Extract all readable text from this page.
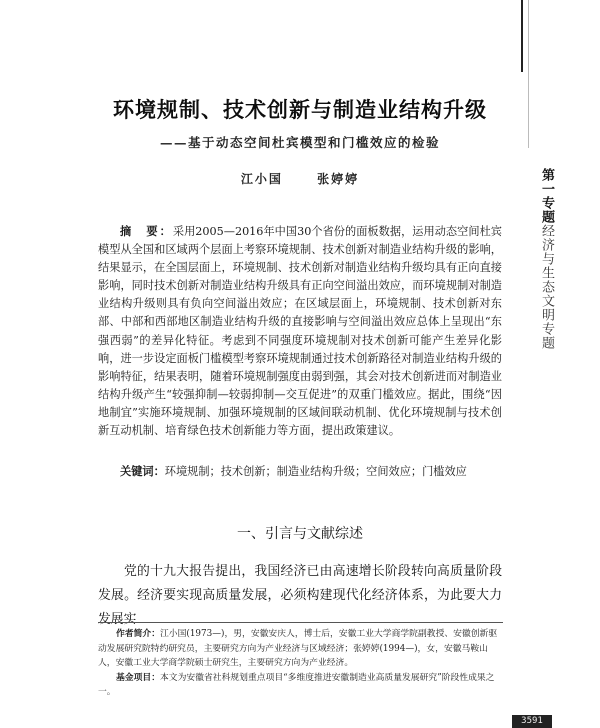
环境规制、技术创新与制造业结构升级
——基于动态空间杜宾模型和门槛效应的检验
江小国	张婷婷
摘　要：采用2005—2016年中国30个省份的面板数据，运用动态空间杜宾模型从全国和区域两个层面上考察环境规制、技术创新对制造业结构升级的影响，结果显示，在全国层面上，环境规制、技术创新对制造业结构升级均具有正向直接影响，同时技术创新对制造业结构升级具有正向空间溢出效应，而环境规制对制造业结构升级则具有负向空间溢出效应；在区域层面上，环境规制、技术创新对东部、中部和西部地区制造业结构升级的直接影响与空间溢出效应总体上呈现出“东强西弱”的差异化特征。考虑到不同强度环境规制对技术创新可能产生差异化影响，进一步设定面板门槛模型考察环境规制通过技术创新路径对制造业结构升级的影响特征，结果表明，随着环境规制强度由弱到强，其会对技术创新进而对制造业结构升级产生“较强抑制—较弱抑制—交互促进”的双重门槛效应。据此，围绕“因地制宜”实施环境规制、加强环境规制的区域间联动机制、优化环境规制与技术创新互动机制、培育绿色技术创新能力等方面，提出政策建议。
关键词：环境规制；技术创新；制造业结构升级；空间效应；门槛效应
一、引言与文献综述
党的十九大报告提出，我国经济已由高速增长阶段转向高质量阶段发展。经济要实现高质量发展，必须构建现代化经济体系，为此要大力发展实

作者简介：江小国(1973—)，男，安徽安庆人，博士后，安徽工业大学商学院副教授、安徽创新驱动发展研究院特约研究员，主要研究方向为产业经济与区域经济；张婷婷(1994—)，女，安徽马鞍山人，安徽工业大学商学院硕士研究生，主要研究方向为产业经济。

基金项目：本文为安徽省社科规划重点项目“多维度推进安徽制造业高质量发展研究”阶段性成果之一。

第一专题经济与生态文明专题
3591
